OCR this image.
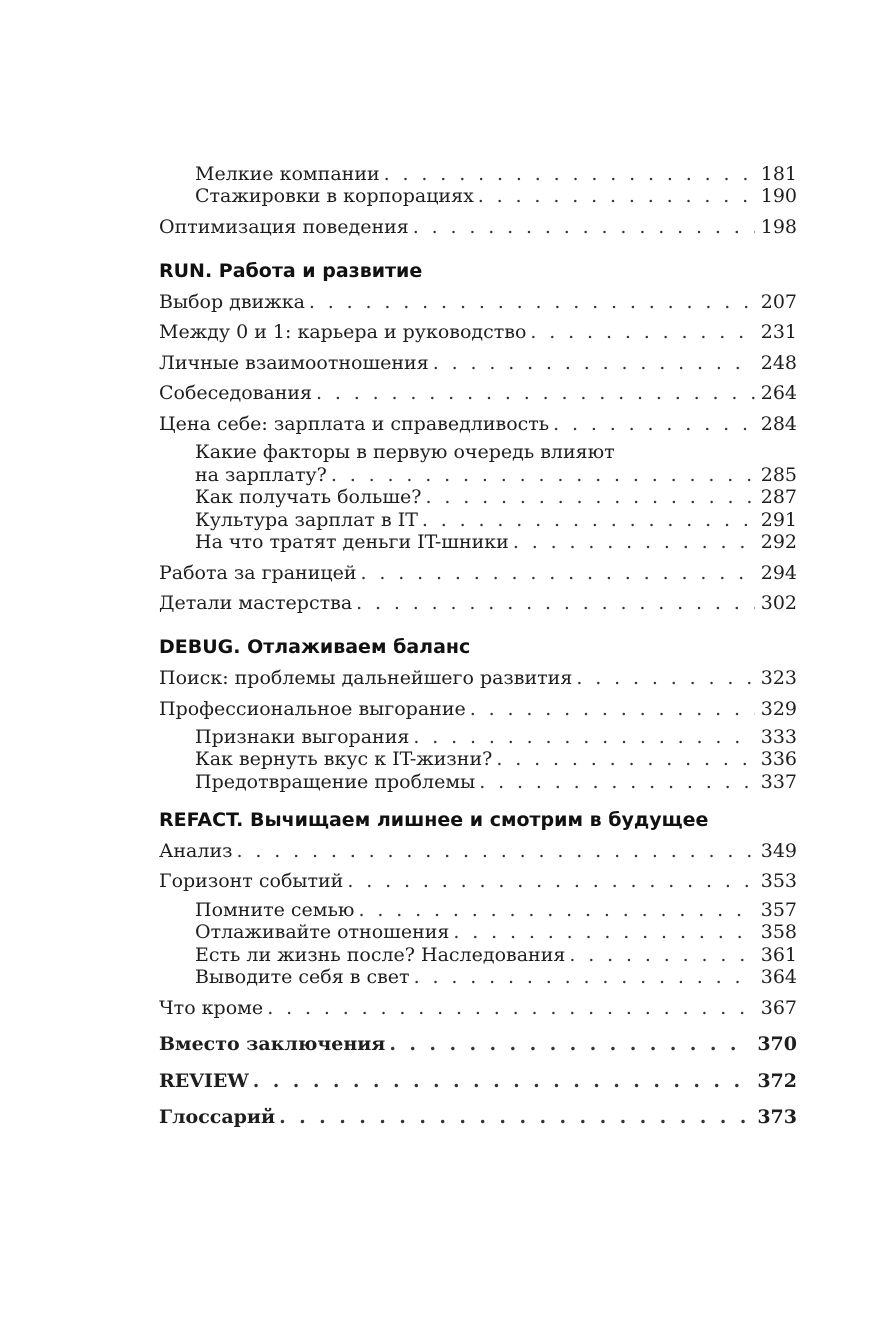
Мелкие компании . . .	181
Стажировки в корпорациях . . .	190
Оптимизация поведения . . .	198
RUN. Работа и развитие
Выбор движка . . .	207
Между 0 и 1: карьера и руководство . . .	231
Личные взаимоотношения . . .	248
Собеседования . . .	264
Цена себе: зарплата и справедливость . . .	284
Какие факторы в первую очередь влияют
на зарплату? . . .	285
Как получать больше? . . .	287
Культура зарплат в IT . . .	291
На что тратят деньги IT-шники . . .	292
Работа за границей . . .	294
Детали мастерства . . .	302
DEBUG. Отлаживаем баланс
Поиск: проблемы дальнейшего развития . . .	323
Профессиональное выгорание . . .	329
Признаки выгорания . . .	333
Как вернуть вкус к IT-жизни? . . .	336
Предотвращение проблемы . . .	337
REFACT. Вычищаем лишнее и смотрим в будущее
Анализ . . .	349
Горизонт событий . . .	353
Помните семью . . .	357
Отлаживайте отношения . . .	358
Есть ли жизнь после? Наследования . . .	361
Выводите себя в свет . . .	364
Что кроме . . .	367
Вместо заключения . . .	370
REVIEW . . .	372
Глоссарий . . .	373
